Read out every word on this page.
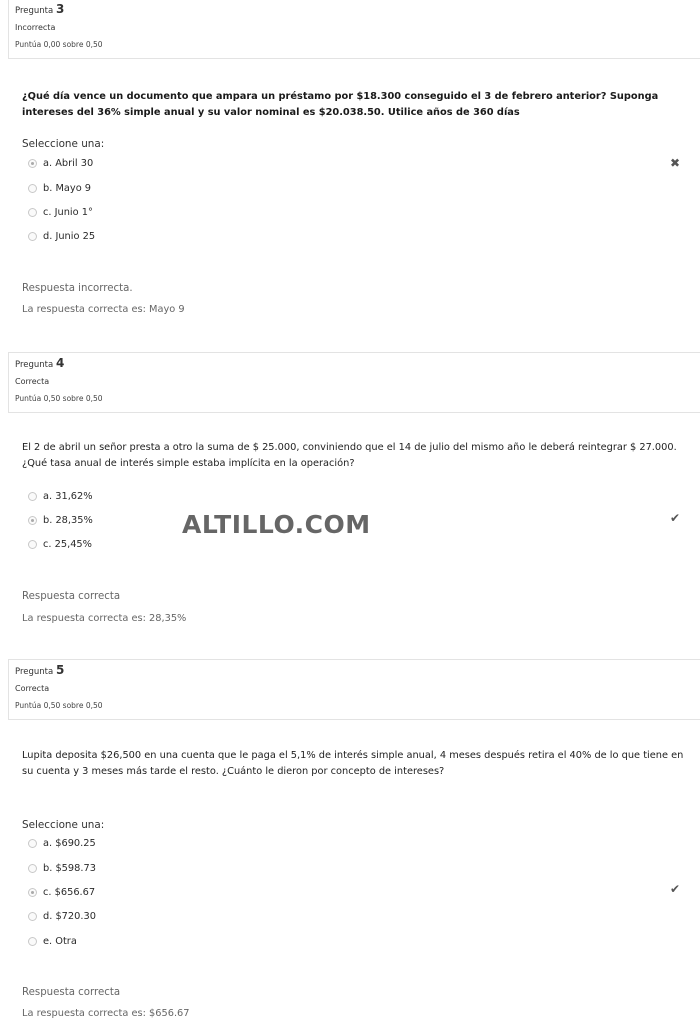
Pregunta 3
Incorrecta
Puntúa 0,00 sobre 0,50
¿Qué día vence un documento que ampara un préstamo por $18.300 conseguido el 3 de febrero anterior? Suponga intereses del 36% simple anual y su valor nominal es $20.038.50. Utilice años de 360 días
Seleccione una:
a. Abril 30
b. Mayo 9
c. Junio 1°
d. Junio 25
✖
Respuesta incorrecta.
La respuesta correcta es: Mayo 9
Pregunta 4
Correcta
Puntúa 0,50 sobre 0,50
El 2 de abril un señor presta a otro la suma de $ 25.000, conviniendo que el 14 de julio del mismo año le deberá reintegrar $ 27.000. ¿Qué tasa anual de interés simple estaba implícita en la operación?
a. 31,62%
b. 28,35%
c. 25,45%
✔
Respuesta correcta
La respuesta correcta es: 28,35%
Pregunta 5
Correcta
Puntúa 0,50 sobre 0,50
Lupita deposita $26,500 en una cuenta que le paga el 5,1% de interés simple anual, 4 meses después retira el 40% de lo que tiene en su cuenta y 3 meses más tarde el resto. ¿Cuánto le dieron por concepto de intereses?
Seleccione una:
a. $690.25
b. $598.73
c. $656.67
d. $720.30
e. Otra
✔
Respuesta correcta
La respuesta correcta es: $656.67
ALTILLO.COM
